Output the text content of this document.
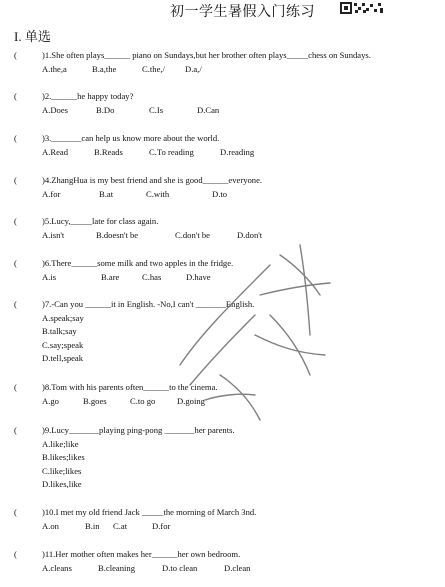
初一学生暑假入门练习
I. 单选
(	)1.She often plays______ piano on Sundays,but her brother often plays_____chess on Sundays.
A.the,a	B.a,the	C.the,/	D.a,/
(	)2.______he happy today?
A.Does	B.Do	C.Is	D.Can
(	)3._______can help us know more about the world.
A.Read	B.Reads	C.To reading	D.reading
(	)4.ZhangHua is my best friend and she is good______everyone.
A.for	B.at	C.with	D.to
(	)5.Lucy,_____late for class again.
A.isn't	B.doesn't be	C.don't be	D.don't
(	)6.There______some milk and two apples in the fridge.
A.is	B.are	C.has	D.have
(	)7.-Can you ______it in English. -No,I can't _______English.
A.speak;say
B.talk;say
C.say;speak
D.tell,speak
(	)8.Tom with his parents often______to the cinema.
A.go	B.goes	C.to go	D.going
(	)9.Lucy_______playing ping-pong _______her parents.
A.like;like
B.likes;likes
C.like;likes
D.likes,like
(	)10.I met my old friend Jack _____the morning of March 3nd.
A.on	B.in	C.at	D.for
(	)11.Her mother often makes her______her own bedroom.
A.cleans	B.cleaning	D.to clean	D.clean
